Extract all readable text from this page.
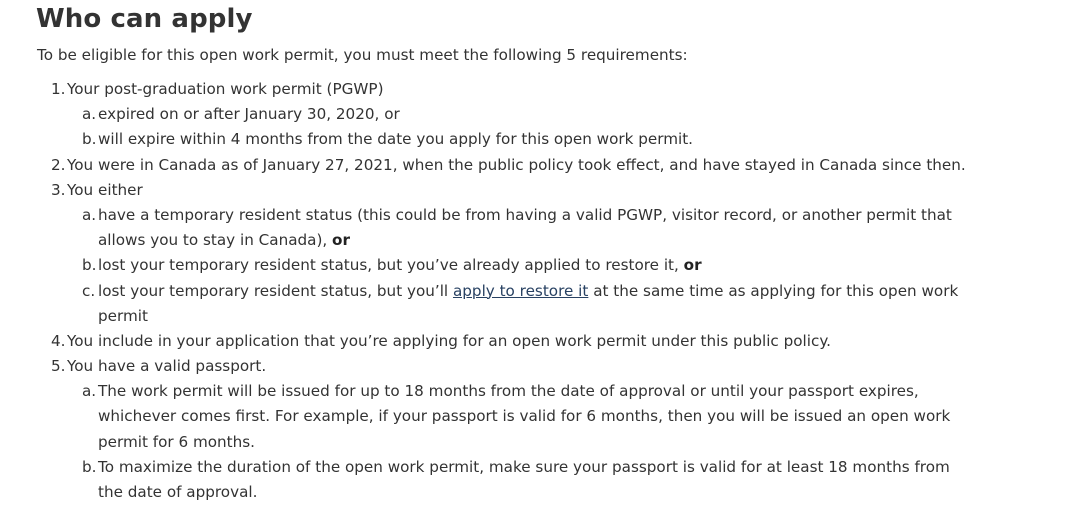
Who can apply

To be eligible for this open work permit, you must meet the following 5 requirements:

1. Your post-graduation work permit (PGWP)
a. expired on or after January 30, 2020, or
b. will expire within 4 months from the date you apply for this open work permit.
2. You were in Canada as of January 27, 2021, when the public policy took effect, and have stayed in Canada since then.
3. You either
a. have a temporary resident status (this could be from having a valid PGWP, visitor record, or another permit that
allows you to stay in Canada), or
b. lost your temporary resident status, but you’ve already applied to restore it, or
c. lost your temporary resident status, but you’ll apply to restore it at the same time as applying for this open work
permit
4. You include in your application that you’re applying for an open work permit under this public policy.
5. You have a valid passport.
a. The work permit will be issued for up to 18 months from the date of approval or until your passport expires,
whichever comes first. For example, if your passport is valid for 6 months, then you will be issued an open work
permit for 6 months.
b. To maximize the duration of the open work permit, make sure your passport is valid for at least 18 months from
the date of approval.
